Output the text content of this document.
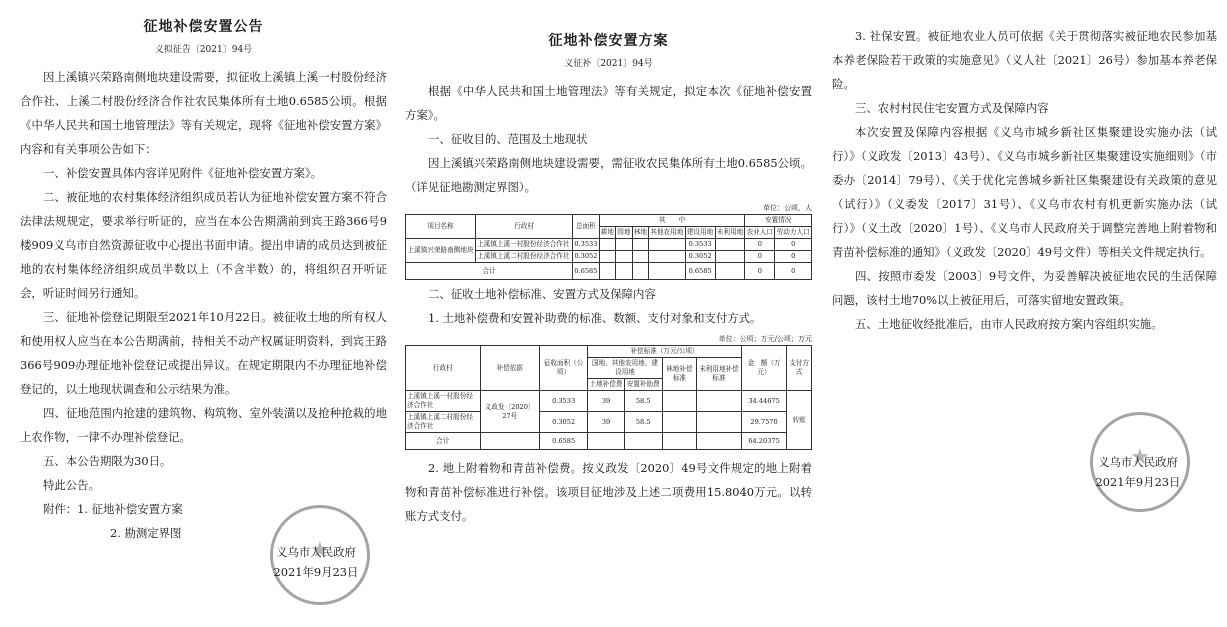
征地补偿安置公告
义拟征告〔2021〕94号

因上溪镇兴荣路南侧地块建设需要，拟征收上溪镇上溪一村股份经济合作社、上溪二村股份经济合作社农民集体所有土地0.6585公顷。根据《中华人民共和国土地管理法》等有关规定，现将《征地补偿安置方案》内容和有关事项公告如下：

一、补偿安置具体内容详见附件《征地补偿安置方案》。

二、被征地的农村集体经济组织成员若认为征地补偿安置方案不符合法律法规规定，要求举行听证的，应当在本公告期满前到宾王路366号9楼909义乌市自然资源征收中心提出书面申请。提出申请的成员达到被征地的农村集体经济组织成员半数以上（不含半数）的，将组织召开听证会，听证时间另行通知。

三、征地补偿登记期限至2021年10月22日。被征收土地的所有权人和使用权人应当在本公告期满前，持相关不动产权属证明资料，到宾王路366号909办理征地补偿登记或提出异议。在规定期限内不办理征地补偿登记的，以土地现状调查和公示结果为准。

四、征地范围内抢建的建筑物、构筑物、室外装潢以及抢种抢栽的地上农作物，一律不办理补偿登记。

五、本公告期限为30日。

特此公告。

附件：1. 征地补偿安置方案

2. 勘测定界图

★
义乌市人民政府
2021年9月23日
征地补偿安置方案
义征补〔2021〕94号

根据《中华人民共和国土地管理法》等有关规定，拟定本次《征地补偿安置方案》。

一、征收目的、范围及土地现状

因上溪镇兴荣路南侧地块建设需要，需征收农民集体所有土地0.6585公顷。（详见征地勘测定界图）。

单位：公顷，人
项目名称	行政村	总面积	其　　中						安置情况	
			耕地	园地	林地	其他农用地	建设用地	未利用地	农业人口	劳动力人口
上溪镇兴荣路南侧地块	上溪镇上溪一村股份经济合作社	0.3533					0.3533		0	0
	上溪镇上溪二村股份经济合作社	0.3052					0.3052		0	0
合计		0.6585					0.6585		0	0

二、征收土地补偿标准、安置方式及保障内容

1. 土地补偿费和安置补助费的标准、数额、支付对象和支付方式。

单位：公顷；万元/公顷；万元
行政村	补偿依据	征收面积（公顷）	补偿标准（万元/公顷）				金　额（万元）	支付方式
			国地、其他农用地、建设用地		林地补偿标准	未利用地补偿标准		
			土地补偿费	安置补助费				
上溪镇上溪一村股份经济合作社	义政发〔2020〕27号	0.3533	39	58.5			34.44675	转账
上溪镇上溪二村股份经济合作社		0.3052	39	58.5			29.7570	
合计		0.6585					64.20375	

2. 地上附着物和青苗补偿费。按义政发〔2020〕49号文件规定的地上附着物和青苗补偿标准进行补偿。该项目征地涉及上述二项费用15.8040万元。以转账方式支付。

3. 社保安置。被征地农业人员可依据《关于贯彻落实被征地农民参加基本养老保险若干政策的实施意见》（义人社〔2021〕26号）参加基本养老保险。

三、农村村民住宅安置方式及保障内容

本次安置及保障内容根据《义乌市城乡新社区集聚建设实施办法（试行）》（义政发〔2013〕43号）、《义乌市城乡新社区集聚建设实施细则》（市委办〔2014〕79号）、《关于优化完善城乡新社区集聚建设有关政策的意见（试行）》（义委发〔2017〕31号）、《义乌市农村有机更新实施办法（试行）》（义土改〔2020〕1号）、《义乌市人民政府关于调整完善地上附着物和青苗补偿标准的通知》（义政发〔2020〕49号文件）等相关文件规定执行。

四、按照市委发〔2003〕9号文件，为妥善解决被征地农民的生活保障问题，该村土地70%以上被征用后，可落实留地安置政策。

五、土地征收经批准后，由市人民政府按方案内容组织实施。

★
义乌市人民政府
2021年9月23日
